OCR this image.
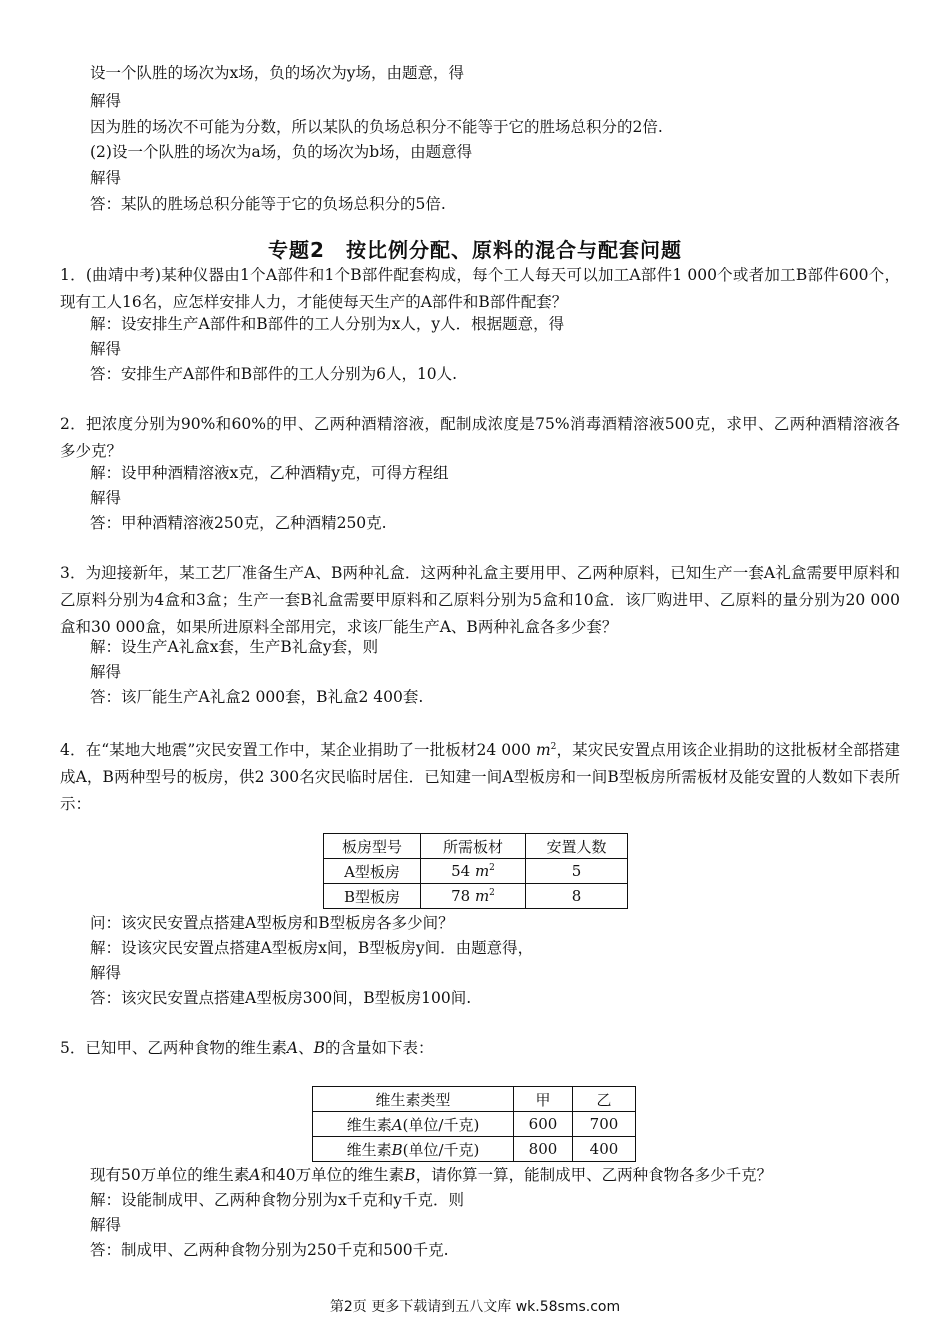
设一个队胜的场次为x场，负的场次为y场，由题意，得
解得
因为胜的场次不可能为分数，所以某队的负场总积分不能等于它的胜场总积分的2倍.
(2)设一个队胜的场次为a场，负的场次为b场，由题意得
解得
答：某队的胜场总积分能等于它的负场总积分的5倍.
专题2　按比例分配、原料的混合与配套问题
1．(曲靖中考)某种仪器由1个A部件和1个B部件配套构成，每个工人每天可以加工A部件1 000个或者加工B部件600个，现有工人16名，应怎样安排人力，才能使每天生产的A部件和B部件配套？
解：设安排生产A部件和B部件的工人分别为x人，y人．根据题意，得
解得
答：安排生产A部件和B部件的工人分别为6人，10人.
2．把浓度分别为90%和60%的甲、乙两种酒精溶液，配制成浓度是75%消毒酒精溶液500克，求甲、乙两种酒精溶液各多少克？
解：设甲种酒精溶液x克，乙种酒精y克，可得方程组
解得
答：甲种酒精溶液250克，乙种酒精250克.
3．为迎接新年，某工艺厂准备生产A、B两种礼盒．这两种礼盒主要用甲、乙两种原料，已知生产一套A礼盒需要甲原料和乙原料分别为4盒和3盒；生产一套B礼盒需要甲原料和乙原料分别为5盒和10盒．该厂购进甲、乙原料的量分别为20 000盒和30 000盒，如果所进原料全部用完，求该厂能生产A、B两种礼盒各多少套？
解：设生产A礼盒x套，生产B礼盒y套，则
解得
答：该厂能生产A礼盒2 000套，B礼盒2 400套.
4．在“某地大地震”灾民安置工作中，某企业捐助了一批板材24 000 $m^2$，某灾民安置点用该企业捐助的这批板材全部搭建成A，B两种型号的板房，供2 300名灾民临时居住．已知建一间A型板房和一间B型板房所需板材及能安置的人数如下表所示：
板房型号	所需板材	安置人数
A型板房	54 $m^2$	5
B型板房	78 $m^2$	8
问：该灾民安置点搭建A型板房和B型板房各多少间？
解：设该灾民安置点搭建A型板房x间，B型板房y间．由题意得，
解得
答：该灾民安置点搭建A型板房300间，B型板房100间.
5．已知甲、乙两种食物的维生素A、B的含量如下表：
维生素类型	甲	乙
维生素A(单位/千克)	600	700
维生素B(单位/千克)	800	400
现有50万单位的维生素A和40万单位的维生素B，请你算一算，能制成甲、乙两种食物各多少千克？
解：设能制成甲、乙两种食物分别为x千克和y千克．则
解得
答：制成甲、乙两种食物分别为250千克和500千克.
第2页 更多下载请到五八文库 wk.58sms.com
